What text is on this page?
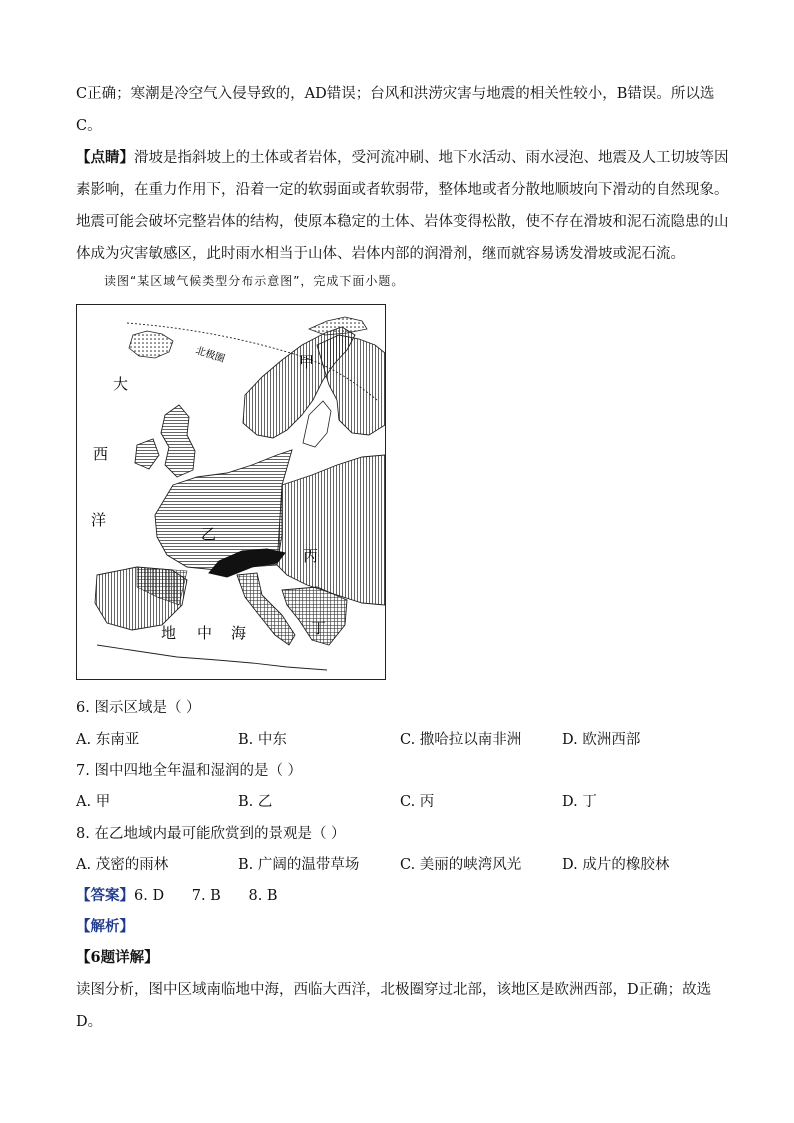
C正确；寒潮是冷空气入侵导致的，AD错误；台风和洪涝灾害与地震的相关性较小，B错误。所以选
C。
【点睛】滑坡是指斜坡上的土体或者岩体，受河流冲刷、地下水活动、雨水浸泡、地震及人工切坡等因
素影响，在重力作用下，沿着一定的软弱面或者软弱带，整体地或者分散地顺坡向下滑动的自然现象。
地震可能会破坏完整岩体的结构，使原本稳定的土体、岩体变得松散，使不存在滑坡和泥石流隐患的山
体成为灾害敏感区，此时雨水相当于山体、岩体内部的润滑剂，继而就容易诱发滑坡或泥石流。
读图“某区域气候类型分布示意图”，完成下面小题。
北极圈	甲
乙
丙
丁
大
西
洋
地 中 海
6. 图示区域是（ ）
A. 东南亚	B. 中东	C. 撒哈拉以南非洲	D. 欧洲西部
7. 图中四地全年温和湿润的是（ ）
A. 甲	B. 乙	C. 丙	D. 丁
8. 在乙地域内最可能欣赏到的景观是（ ）
A. 茂密的雨林	B. 广阔的温带草场	C. 美丽的峡湾风光	D. 成片的橡胶林
【答案】6. D      7. B      8. B
【解析】
【6题详解】
读图分析，图中区域南临地中海，西临大西洋，北极圈穿过北部，该地区是欧洲西部，D正确；故选
D。
